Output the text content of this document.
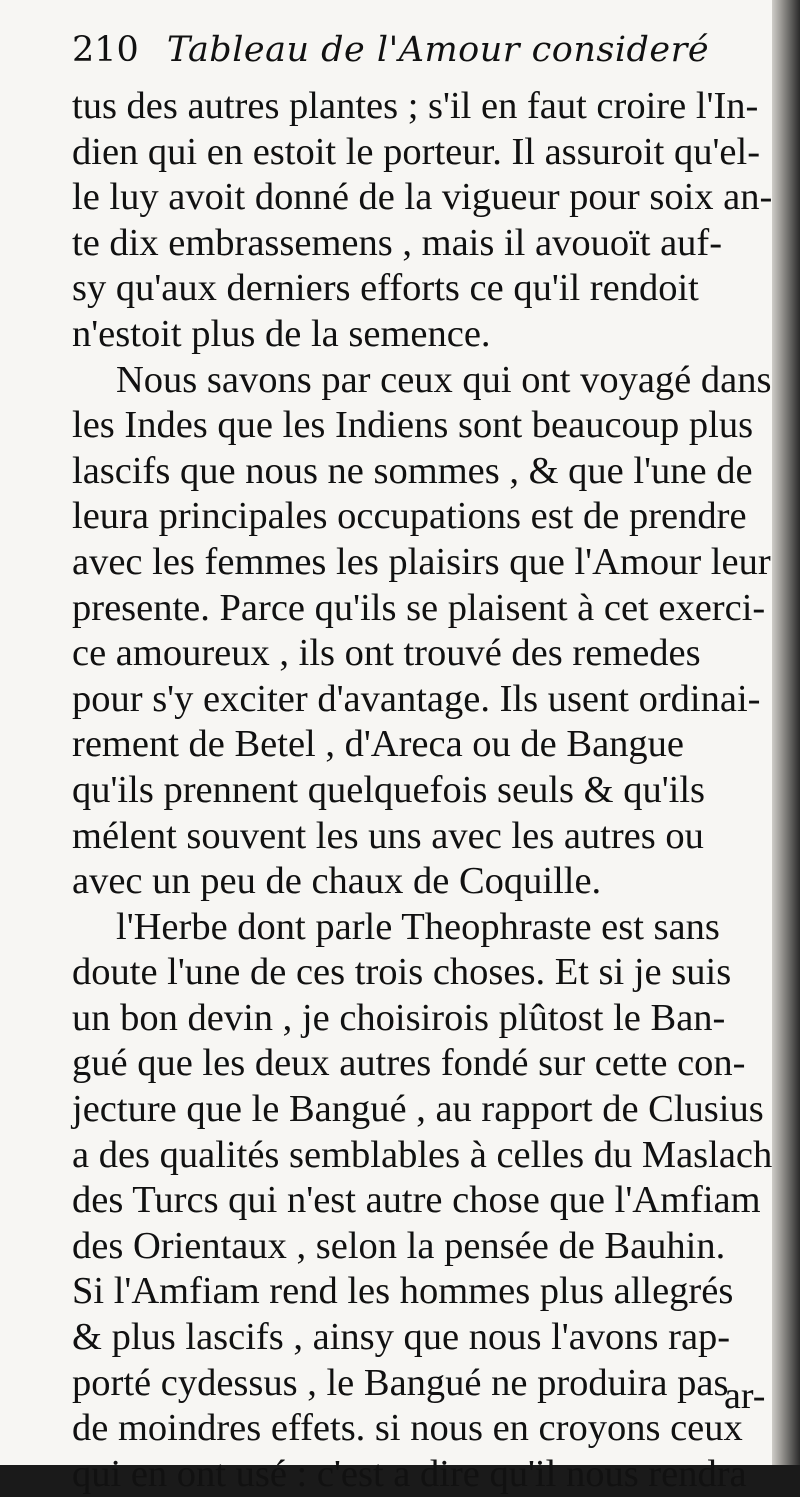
210 Tableau de l'Amour consideré
tus des autres plantes ; s'il en faut croire l'In-
dien qui en estoit le porteur. Il assuroit qu'el-
le luy avoit donné de la vigueur pour soix an-
te dix embrassemens , mais il avouoït auf-
sy qu'aux derniers efforts ce qu'il rendoit
n'estoit plus de la semence.
Nous savons par ceux qui ont voyagé dans
les Indes que les Indiens sont beaucoup plus
lascifs que nous ne sommes , & que l'une de
leura principales occupations est de prendre
avec les femmes les plaisirs que l'Amour leur
presente. Parce qu'ils se plaisent à cet exerci-
ce amoureux , ils ont trouvé des remedes
pour s'y exciter d'avantage. Ils usent ordinai-
rement de Betel , d'Areca ou de Bangue
qu'ils prennent quelquefois seuls & qu'ils
mélent souvent les uns avec les autres ou
avec un peu de chaux de Coquille.
l'Herbe dont parle Theophraste est sans
doute l'une de ces trois choses. Et si je suis
un bon devin , je choisirois plûtost le Ban-
gué que les deux autres fondé sur cette con-
jecture que le Bangué , au rapport de Clusius
a des qualités semblables à celles du Maslach
des Turcs qui n'est autre chose que l'Amfiam
des Orientaux , selon la pensée de Bauhin.
Si l'Amfiam rend les hommes plus allegrés
& plus lascifs , ainsy que nous l'avons rap-
porté cydessus , le Bangué ne produira pas
de moindres effets. si nous en croyons ceux
qui en ont usé : c'est a dire qu'il nous rendra
ar-
